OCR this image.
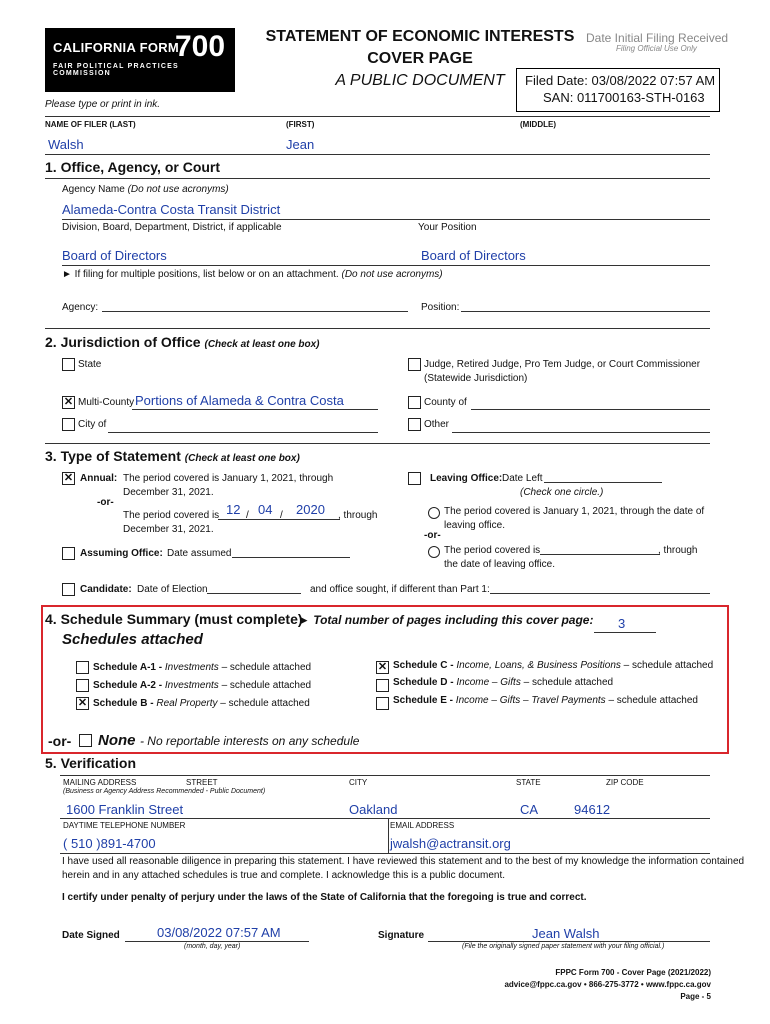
CALIFORNIA FORM
700
FAIR POLITICAL PRACTICES COMMISSION
STATEMENT OF ECONOMIC INTERESTS
COVER PAGE
A PUBLIC DOCUMENT
Date Initial Filing Received
Filing Official Use Only
Filed Date: 03/08/2022 07:57 AM
SAN: 011700163-STH-0163
Please type or print in ink.
NAME OF FILER (LAST)	(FIRST)	(MIDDLE)
Walsh	Jean
1. Office, Agency, or Court
Agency Name (Do not use acronyms)
Alameda-Contra Costa Transit District
Division, Board, Department, District, if applicable	Your Position
Board of Directors	Board of Directors
► If filing for multiple positions, list below or on an attachment. (Do not use acronyms)
Agency:	Position:
2. Jurisdiction of Office (Check at least one box)
State	Judge, Retired Judge, Pro Tem Judge, or Court Commissioner
(Statewide Jurisdiction)
✕ Multi-County Portions of Alameda & Contra Costa	County of
City of	Other
3. Type of Statement (Check at least one box)
✕ Annual: The period covered is January 1, 2021, through
December 31, 2021.
-or-
The period covered is 12 / 04 / 2020 , through
December 31, 2021.
Assuming Office: Date assumed
Leaving Office: Date Left
(Check one circle.)
The period covered is January 1, 2021, through the date of
leaving office.
-or-
The period covered is	, through
the date of leaving office.
Candidate: Date of Election	and office sought, if different than Part 1:
4. Schedule Summary (must complete)
► Total number of pages including this cover page: 3
Schedules attached
Schedule A-1 - Investments – schedule attached
Schedule A-2 - Investments – schedule attached
✕ Schedule B - Real Property – schedule attached
✕ Schedule C - Income, Loans, & Business Positions – schedule attached
Schedule D - Income – Gifts – schedule attached
Schedule E - Income – Gifts – Travel Payments – schedule attached
-or- None - No reportable interests on any schedule
5. Verification
MAILING ADDRESS	STREET	CITY	STATE	ZIP CODE
(Business or Agency Address Recommended - Public Document)
1600 Franklin Street	Oakland	CA	94612
DAYTIME TELEPHONE NUMBER	EMAIL ADDRESS
( 510 )891-4700	jwalsh@actransit.org
I have used all reasonable diligence in preparing this statement. I have reviewed this statement and to the best of my knowledge the information contained
herein and in any attached schedules is true and complete. I acknowledge this is a public document.
I certify under penalty of perjury under the laws of the State of California that the foregoing is true and correct.
Date Signed	03/08/2022 07:57 AM
(month, day, year)
Signature	Jean Walsh
(File the originally signed paper statement with your filing official.)
FPPC Form 700 - Cover Page (2021/2022)
advice@fppc.ca.gov • 866-275-3772 • www.fppc.ca.gov
Page - 5
